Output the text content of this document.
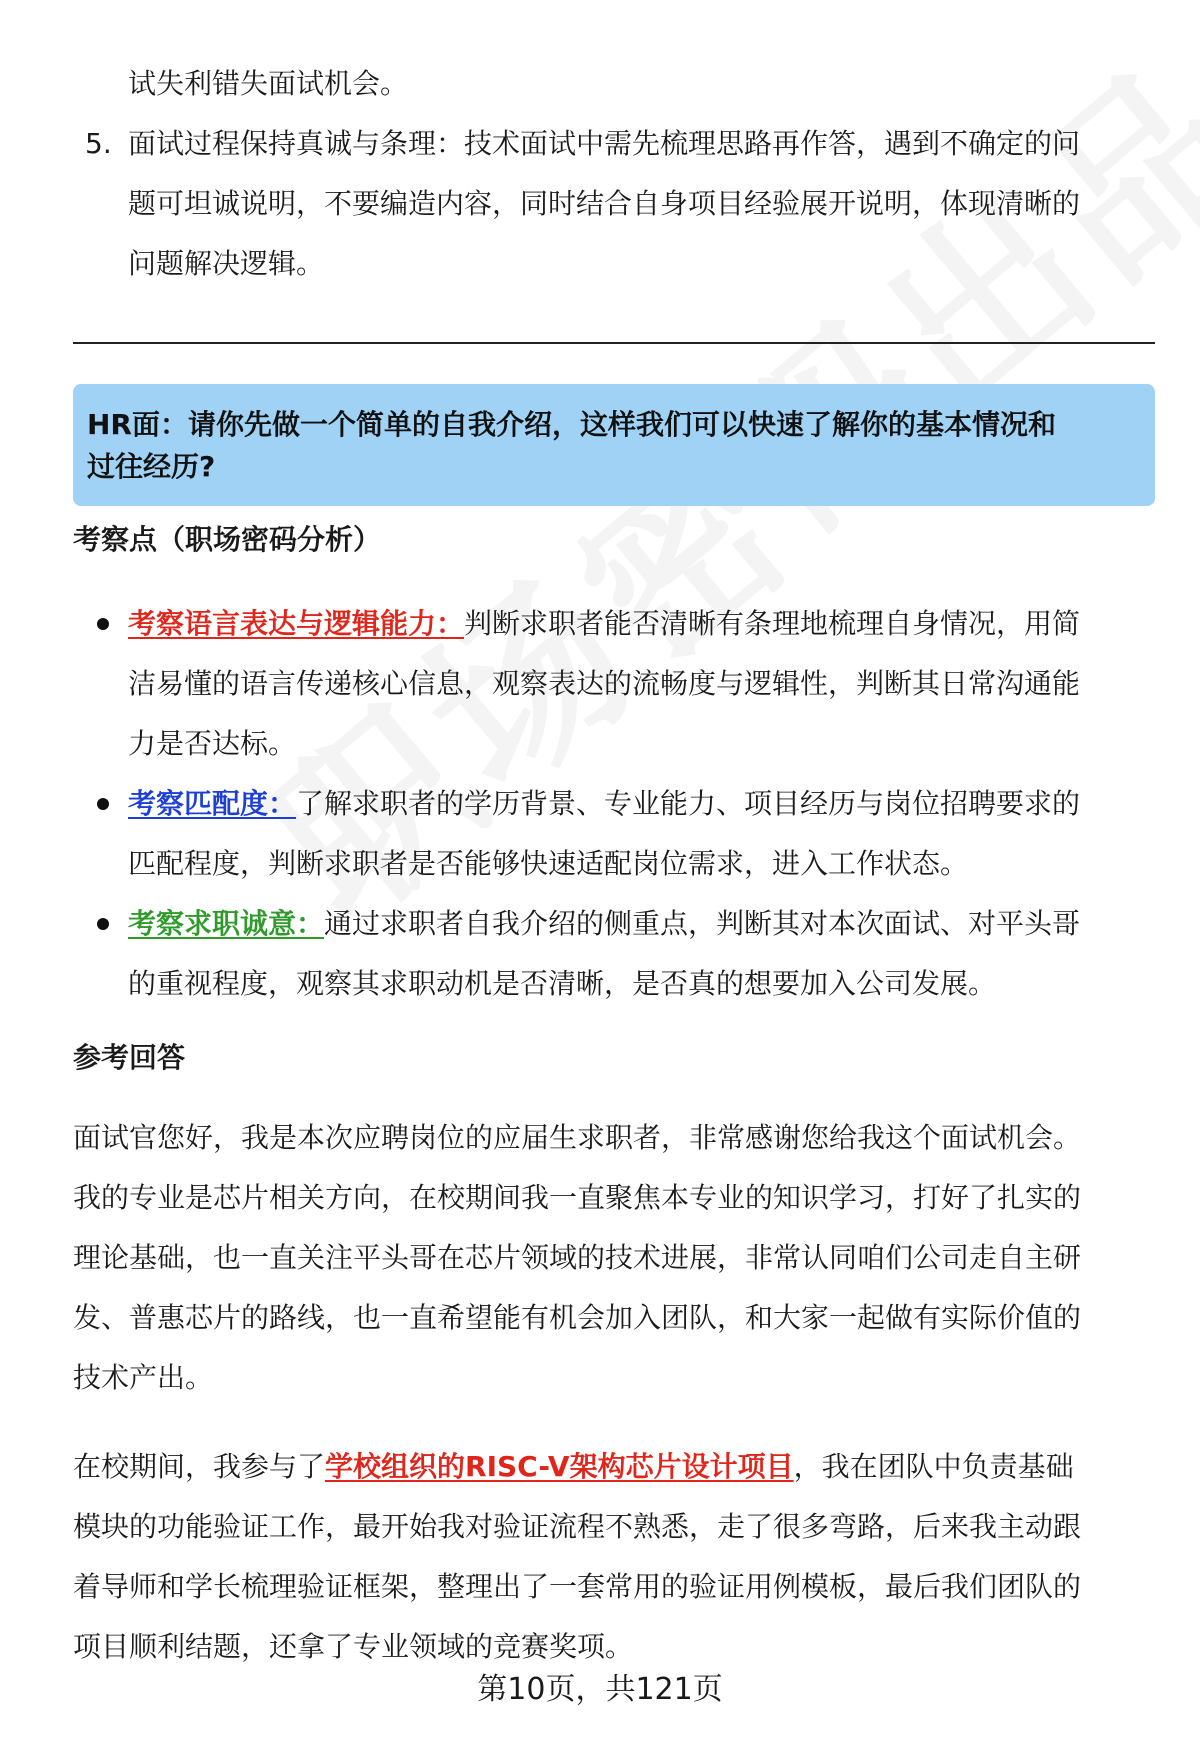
试失利错失面试机会。

5. 面试过程保持真诚与条理：技术面试中需先梳理思路再作答，遇到不确定的问
题可坦诚说明，不要编造内容，同时结合自身项目经验展开说明，体现清晰的
问题解决逻辑。

HR面：请你先做一个简单的自我介绍，这样我们可以快速了解你的基本情况和

过往经历?

考察点（职场密码分析）
考察语言表达与逻辑能力：判断求职者能否清晰有条理地梳理自身情况，用简
洁易懂的语言传递核心信息，观察表达的流畅度与逻辑性，判断其日常沟通能
力是否达标。
考察匹配度：了解求职者的学历背景、专业能力、项目经历与岗位招聘要求的
匹配程度，判断求职者是否能够快速适配岗位需求，进入工作状态。
考察求职诚意：通过求职者自我介绍的侧重点，判断其对本次面试、对平头哥
的重视程度，观察其求职动机是否清晰，是否真的想要加入公司发展。
参考回答
面试官您好，我是本次应聘岗位的应届生求职者，非常感谢您给我这个面试机会。
我的专业是芯片相关方向，在校期间我一直聚焦本专业的知识学习，打好了扎实的
理论基础，也一直关注平头哥在芯片领域的技术进展，非常认同咱们公司走自主研
发、普惠芯片的路线，也一直希望能有机会加入团队，和大家一起做有实际价值的
技术产出。
在校期间，我参与了学校组织的RISC-V架构芯片设计项目，我在团队中负责基础
模块的功能验证工作，最开始我对验证流程不熟悉，走了很多弯路，后来我主动跟
着导师和学长梳理验证框架，整理出了一套常用的验证用例模板，最后我们团队的
项目顺利结题，还拿了专业领域的竞赛奖项。
第10页，共121页
